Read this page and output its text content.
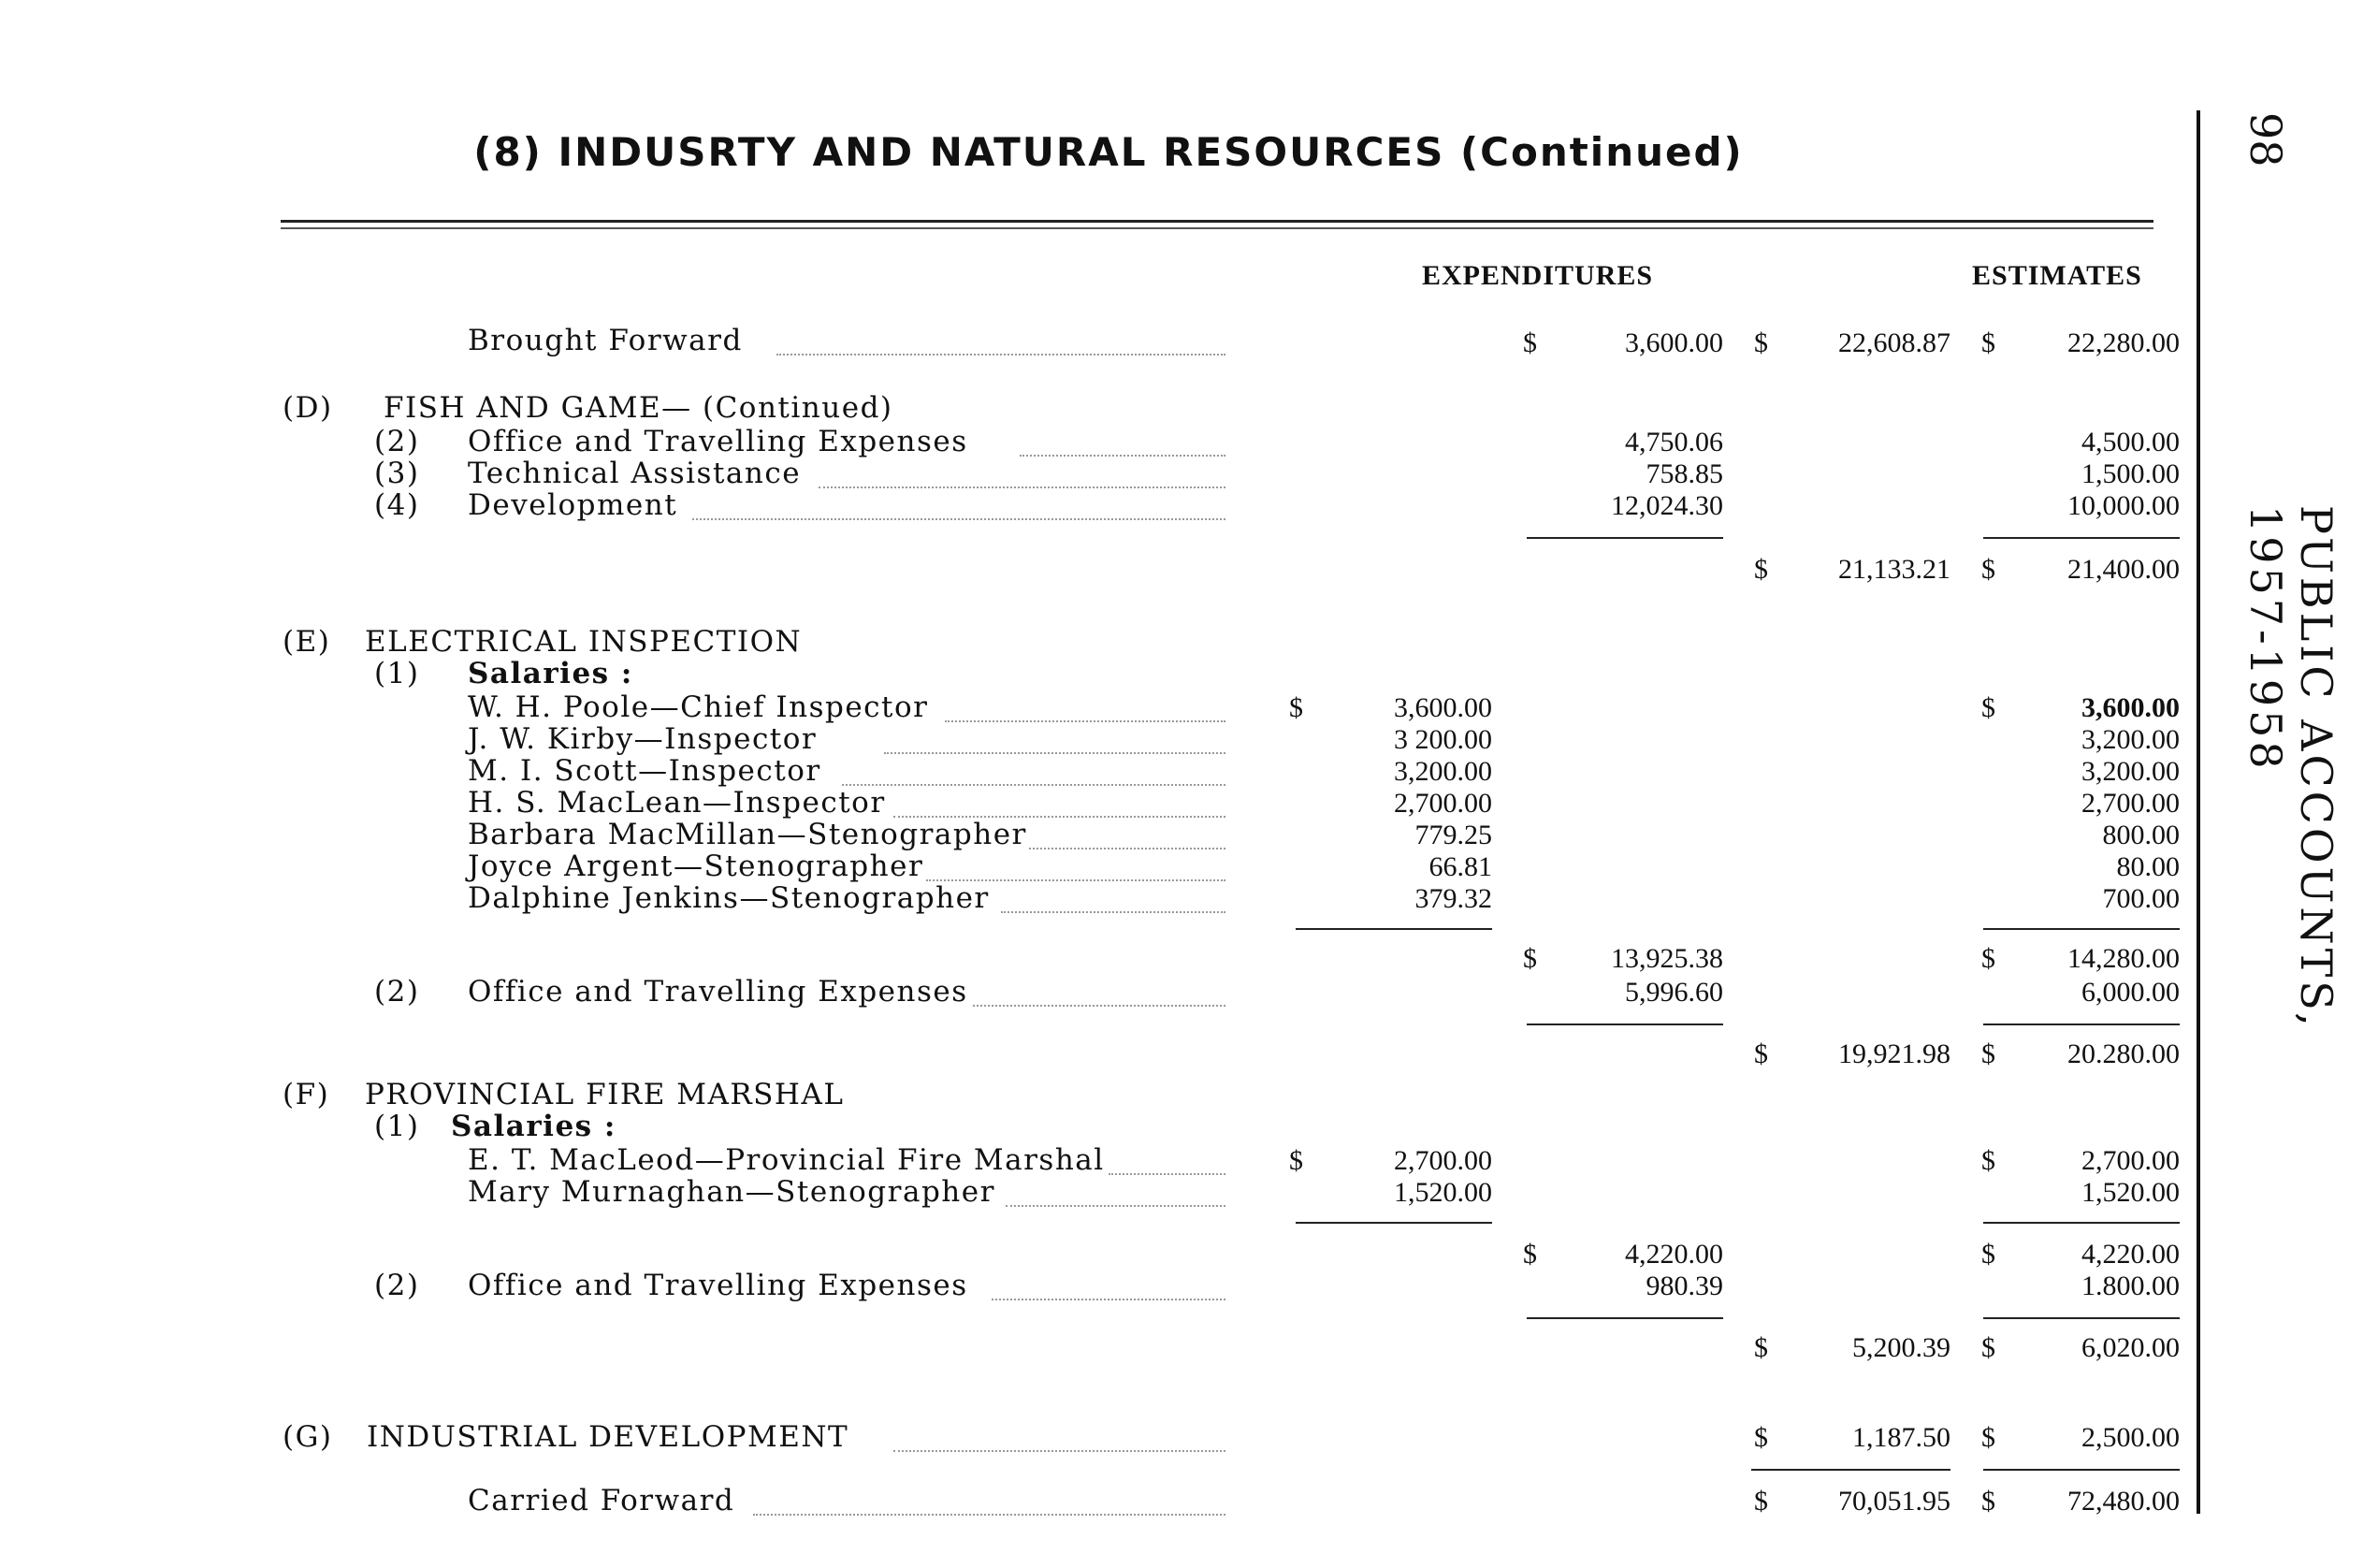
(8) INDUSRTY AND NATURAL RESOURCES (Continued)	98
PUBLIC ACCOUNTS, 1957-1958
EXPENDITURES	ESTIMATES
Brought Forward	$	3,600.00 $	22,608.87 $	22,280.00
(D) FISH AND GAME— (Continued)
(2) Office and Travelling Expenses	4,750.06	4,500.00
(3) Technical Assistance	758.85	1,500.00
(4) Development	12,024.30	10,000.00
$	21,133.21 $	21,400.00
(E) ELECTRICAL INSPECTION
(1) Salaries :
W. H. Poole—Chief Inspector	$	3,600.00	$	3,600.00
J. W. Kirby—Inspector	3 200.00	3,200.00
M. I. Scott—Inspector	3,200.00	3,200.00
H. S. MacLean—Inspector	2,700.00	2,700.00
Barbara MacMillan—Stenographer	779.25	800.00
Joyce Argent—Stenographer	66.81	80.00
Dalphine Jenkins—Stenographer	379.32	700.00
$	13,925.38	$	14,280.00
(2) Office and Travelling Expenses	5,996.60	6,000.00
$	19,921.98 $	20.280.00
(F) PROVINCIAL FIRE MARSHAL
(1) Salaries :
E. T. MacLeod—Provincial Fire Marshal	$	2,700.00	$	2,700.00
Mary Murnaghan—Stenographer	1,520.00	1,520.00
$	4,220.00	$	4,220.00
(2) Office and Travelling Expenses	980.39	1.800.00
$	5,200.39 $	6,020.00
(G) INDUSTRIAL DEVELOPMENT	$	1,187.50 $	2,500.00
Carried Forward	$	70,051.95 $	72,480.00
